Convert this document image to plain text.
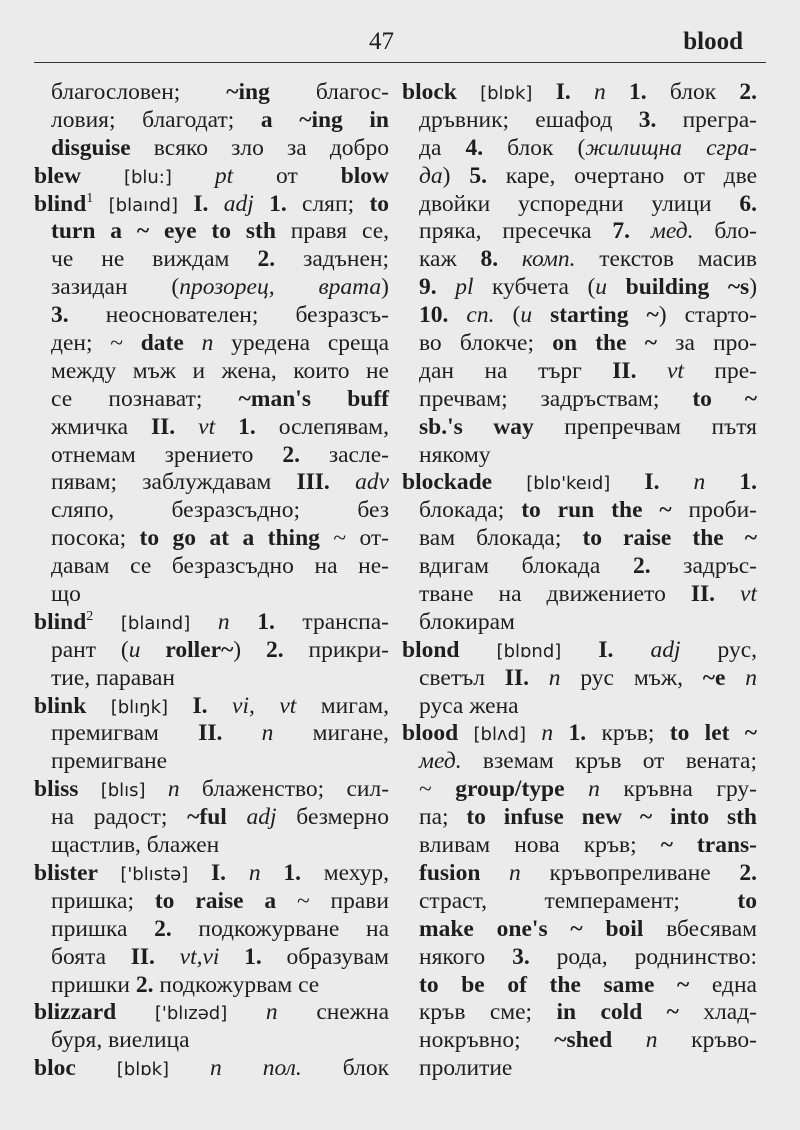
47	blood
благословен; ~ing благос-
ловия; благодат; a ~ing in
disguise всяко зло за добро
blew [blu:] pt от blow
blind$^1$ [blaınd] I. adj 1. сляп; to
turn a ~ eye to sth правя се,
че не виждам 2. задънен;
зазидан (прозорец, врата)
3. неоснователен; безразсъ-
ден; ~ date n уредена среща
между мъж и жена, които не
се познават; ~man's buff
жмичка II. vt 1. ослепявам,
отнемам зрението 2. заслe-
пявам; заблуждавам III. adv
сляпо, безразсъдно; без
посока; to go at a thing ~ от-
давам се безразсъдно на не-
що
blind$^2$ [blaınd] n 1. транспа-
рант (и roller~) 2. прикри-
тие, параван
blink [blıŋk] I. vi, vt мигам,
премигвам II. n мигане,
премигване
bliss [blıs] n блаженство; сил-
на радост; ~ful adj безмерно
щастлив, блажен
blister ['blıstə] I. n 1. мехур,
пришка; to raise a ~ прави
пришка 2. подкожурване на
боята II. vt,vi 1. образувам
пришки 2. подкожурвам се
blizzard ['blızəd] n снежна
буря, виелица
bloc [blɒk] n пол. блок
block [blɒk] I. n 1. блок 2.
дръвник; ешафод 3. прегра-
да 4. блок (жилищна сгра-
да) 5. каре, очертано от две
двойки успоредни улици 6.
пряка, пресечка 7. мед. бло-
каж 8. комп. текстов масив
9. pl кубчета (и building ~s)
10. сп. (и starting ~) старто-
во блокче; on the ~ за про-
дан на търг II. vt пре-
пречвам; задръствам; to ~
sb.'s way препречвам пътя
някому
blockade [blɒ'keıd] I. n 1.
блокада; to run the ~ проби-
вам блокада; to raise the ~
вдигам блокада 2. задръс-
тване на движението II. vt
блокирам
blond [blɒnd] I. adj рус,
светъл II. n рус мъж, ~e n
руса жена
blood [blʌd] n 1. кръв; to let ~
мед. вземам кръв от вената;
~ group/type n кръвна гру-
па; to infuse new ~ into sth
вливам нова кръв; ~ trans-
fusion n кръвопреливане 2.
страст, темперамент; to
make one's ~ boil вбесявам
някого 3. рода, роднинство:
to be of the same ~ една
кръв сме; in cold ~ хлад-
нокръвно; ~shed n кръво-
пролитие
